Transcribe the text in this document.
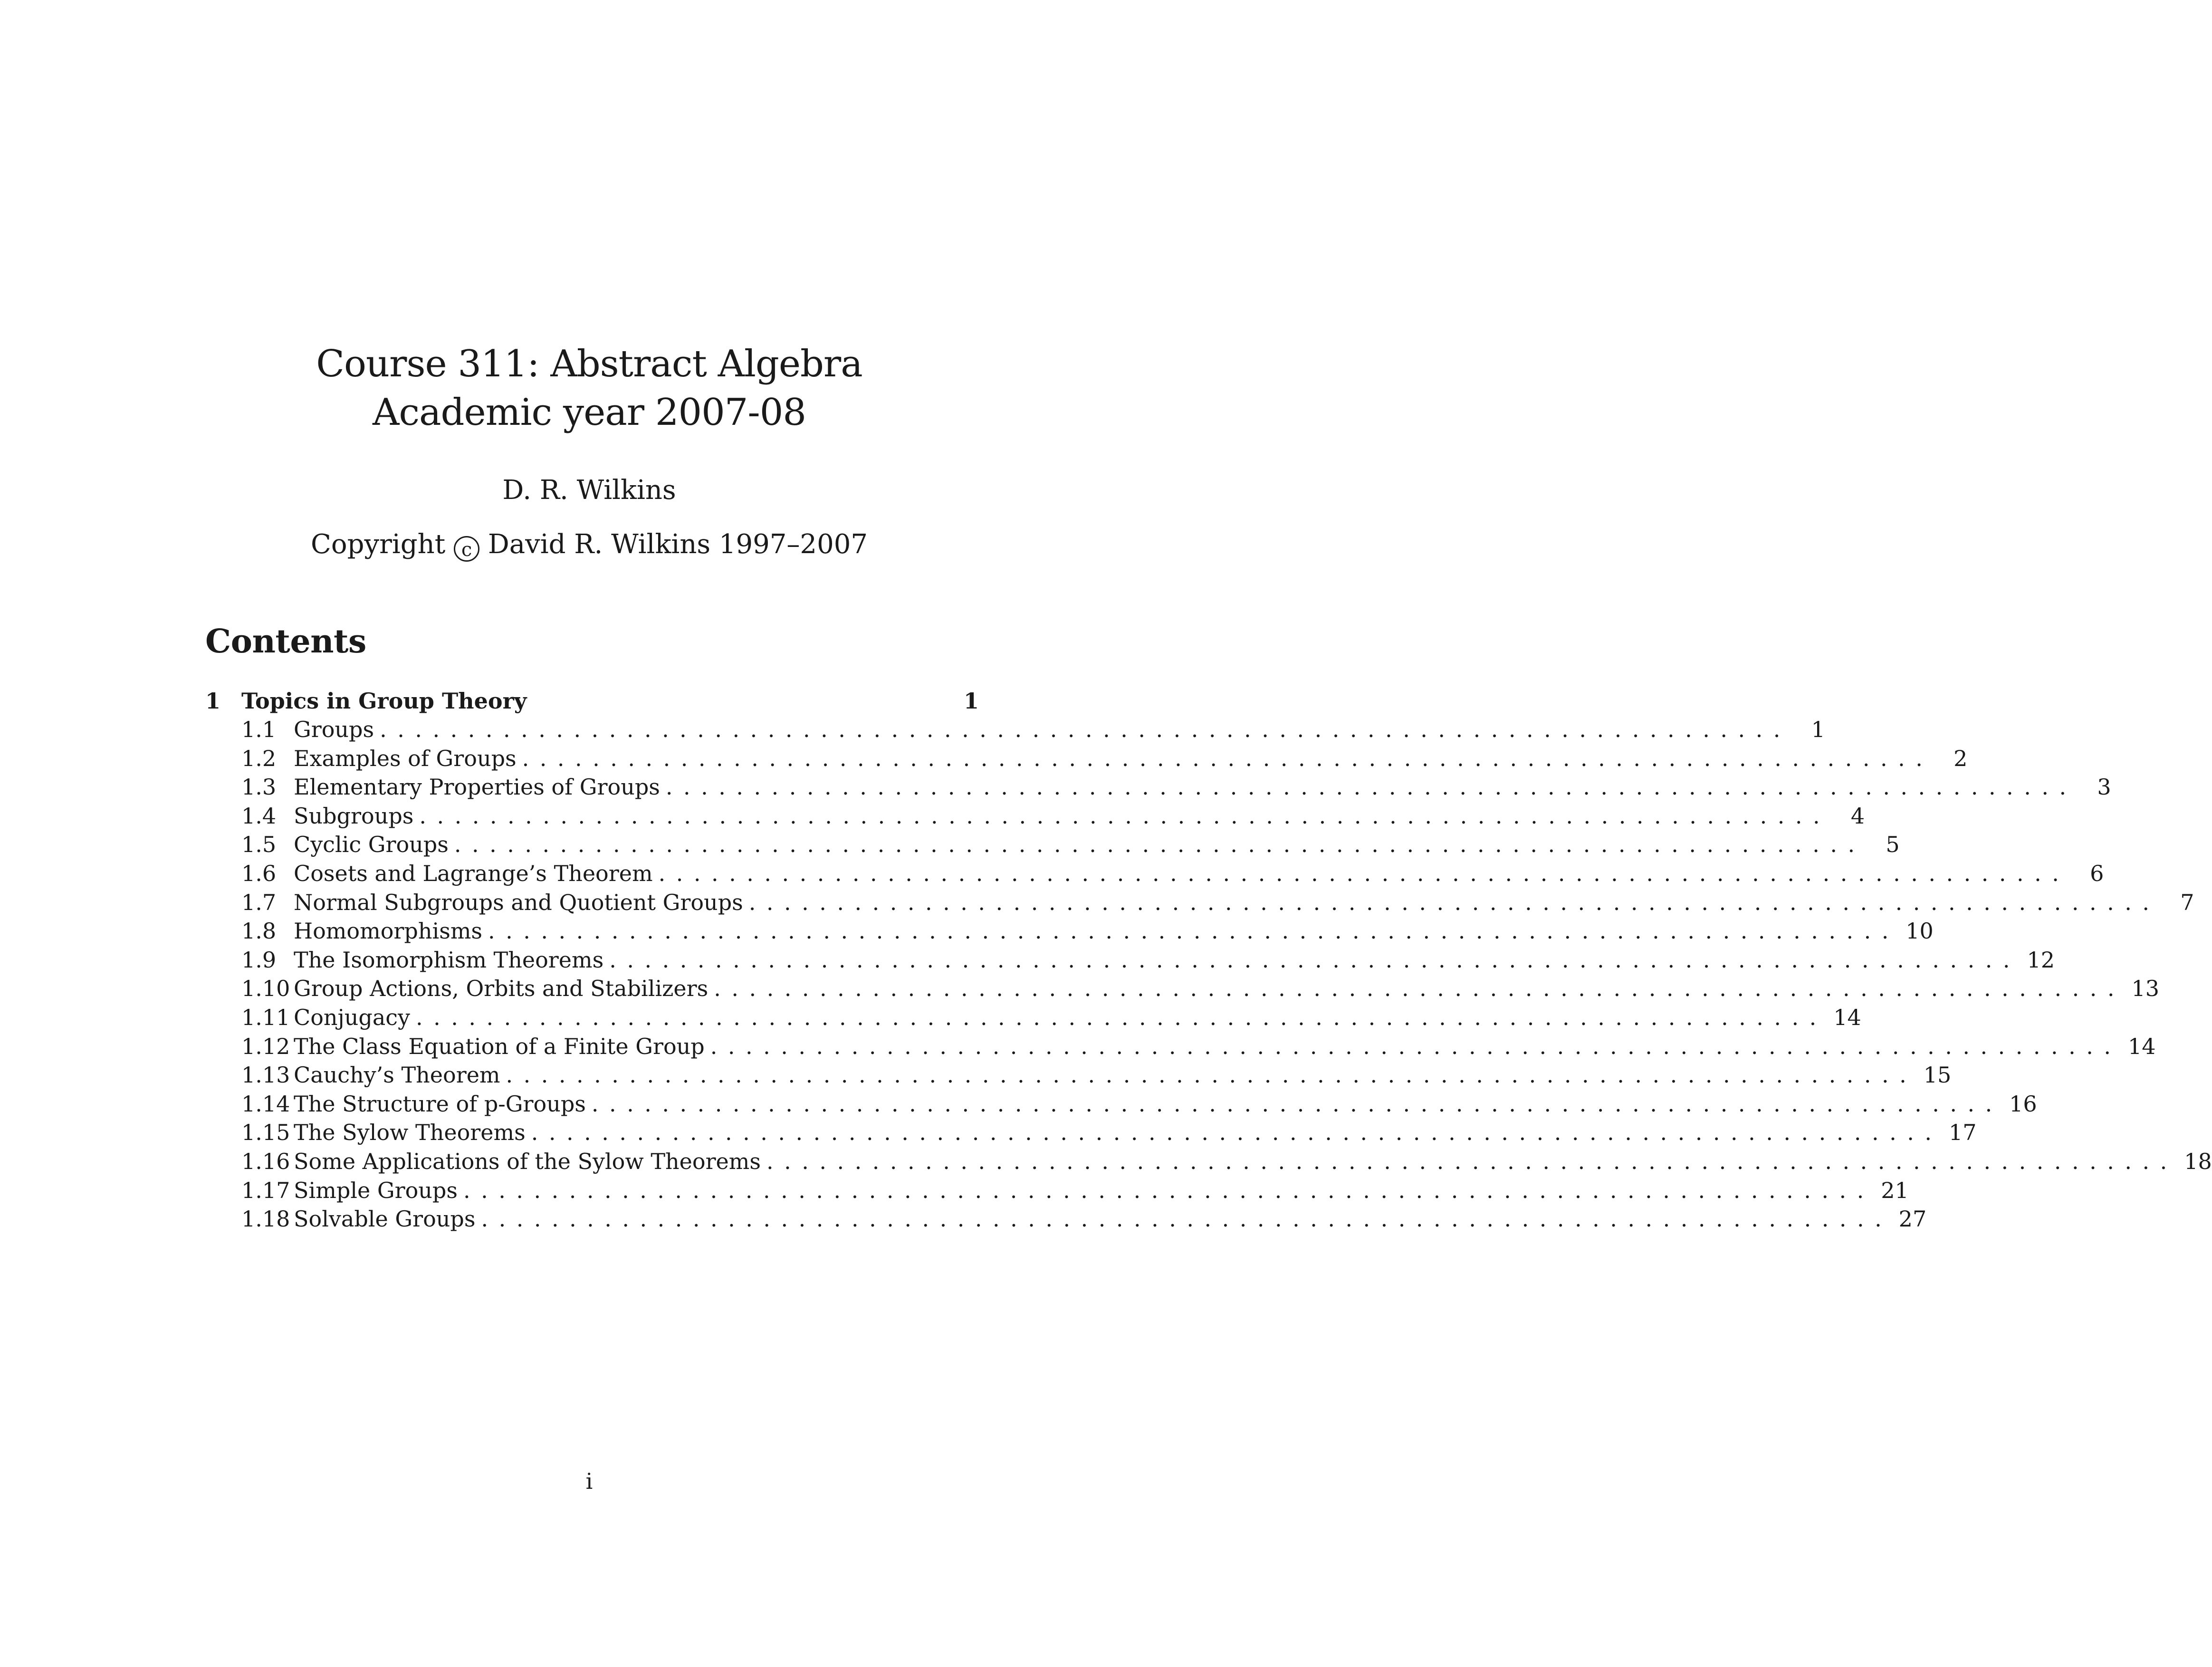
Course 311: Abstract Algebra
Academic year 2007-08
D. R. Wilkins
Copyright c David R. Wilkins 1997–2007
Contents
1 Topics in Group Theory	1
1.1 Groups ................................................................................ 1
1.2 Examples of Groups ................................................................................ 2
1.3 Elementary Properties of Groups ................................................................................ 3
1.4 Subgroups ................................................................................ 4
1.5 Cyclic Groups ................................................................................ 5
1.6 Cosets and Lagrange’s Theorem ................................................................................ 6
1.7 Normal Subgroups and Quotient Groups ................................................................................ 7
1.8 Homomorphisms ................................................................................ 10
1.9 The Isomorphism Theorems ................................................................................ 12
1.10 Group Actions, Orbits and Stabilizers ................................................................................ 13
1.11 Conjugacy ................................................................................ 14
1.12 The Class Equation of a Finite Group ................................................................................ 14
1.13 Cauchy’s Theorem ................................................................................ 15
1.14 The Structure of p-Groups ................................................................................ 16
1.15 The Sylow Theorems ................................................................................ 17
1.16 Some Applications of the Sylow Theorems ................................................................................ 18
1.17 Simple Groups ................................................................................ 21
1.18 Solvable Groups ................................................................................ 27
i
